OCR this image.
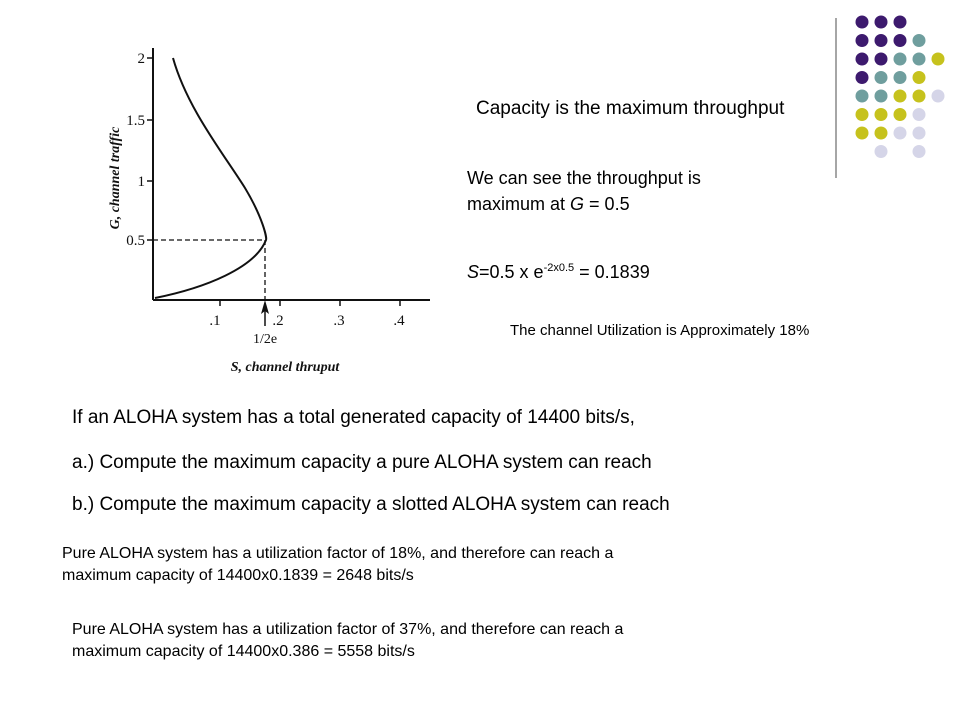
2
1.5
1
0.5
.1	.2	.3	.4
1/2e
S, channel thruput
G, channel traffic
Capacity is the maximum throughput
We can see the throughput is
maximum at G = 0.5
S=0.5 x $e^{-2x0.5} = 0.1839$
The channel Utilization is Approximately 18%
If an ALOHA system has a total generated capacity of 14400 bits/s,
a.) Compute the maximum capacity a pure ALOHA system can reach
b.) Compute the maximum capacity a slotted ALOHA system can reach
Pure ALOHA system has a utilization factor of 18%, and therefore can reach a
maximum capacity of 14400x0.1839 = 2648 bits/s
Pure ALOHA system has a utilization factor of 37%, and therefore can reach a
maximum capacity of 14400x0.386 = 5558 bits/s
